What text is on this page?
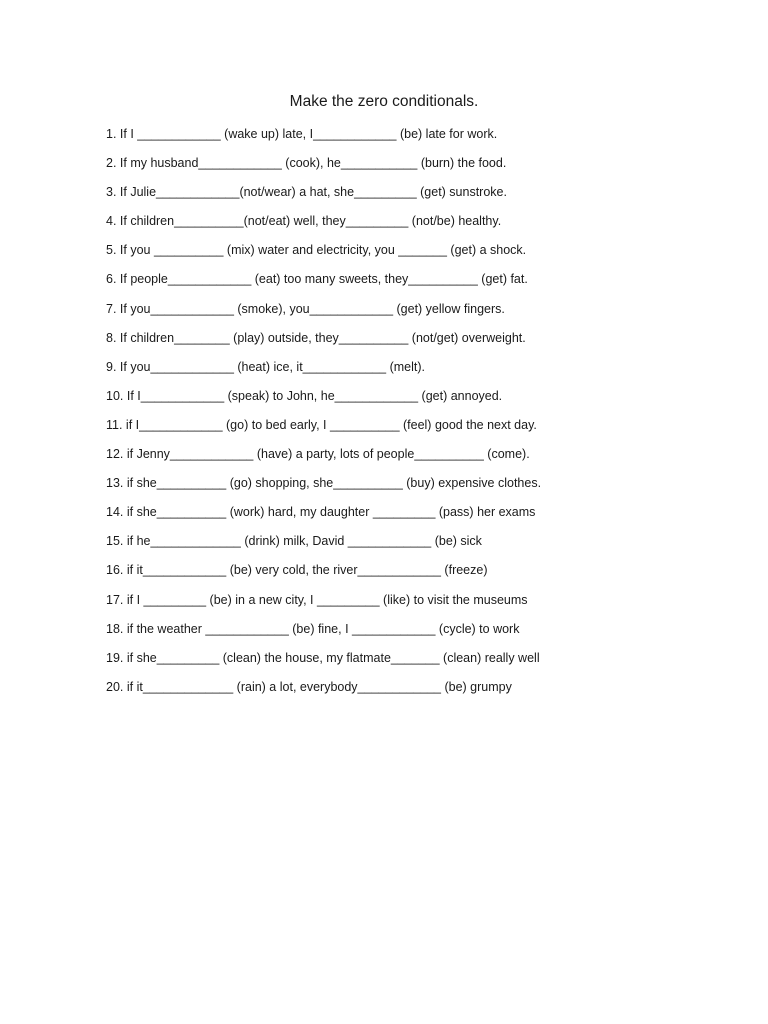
Make the zero conditionals.
1. If I ____________ (wake up) late, I____________ (be) late for work.
2. If my husband____________ (cook), he___________ (burn) the food.
3. If Julie____________(not/wear) a hat, she_________ (get) sunstroke.
4. If children__________(not/eat) well, they_________ (not/be) healthy.
5. If you __________ (mix) water and electricity, you _______ (get) a shock.
6. If people____________ (eat) too many sweets, they__________ (get) fat.
7. If you____________ (smoke), you____________ (get) yellow fingers.
8. If children________ (play) outside, they__________ (not/get) overweight.
9. If you____________ (heat) ice, it____________ (melt).
10. If I____________ (speak) to John, he____________ (get) annoyed.
11. if I____________ (go) to bed early, I __________ (feel) good the next day.
12. if Jenny____________ (have) a party, lots of people__________ (come).
13. if she__________ (go) shopping, she__________ (buy) expensive clothes.
14. if she__________ (work) hard, my daughter _________ (pass) her exams
15. if he_____________ (drink) milk, David ____________ (be) sick
16. if it____________ (be) very cold, the river____________ (freeze)
17. if I _________ (be) in a new city, I _________ (like) to visit the museums
18. if the weather ____________ (be) fine, I ____________ (cycle) to work
19. if she_________ (clean) the house, my flatmate_______ (clean) really well
20. if it_____________ (rain) a lot, everybody____________ (be) grumpy
